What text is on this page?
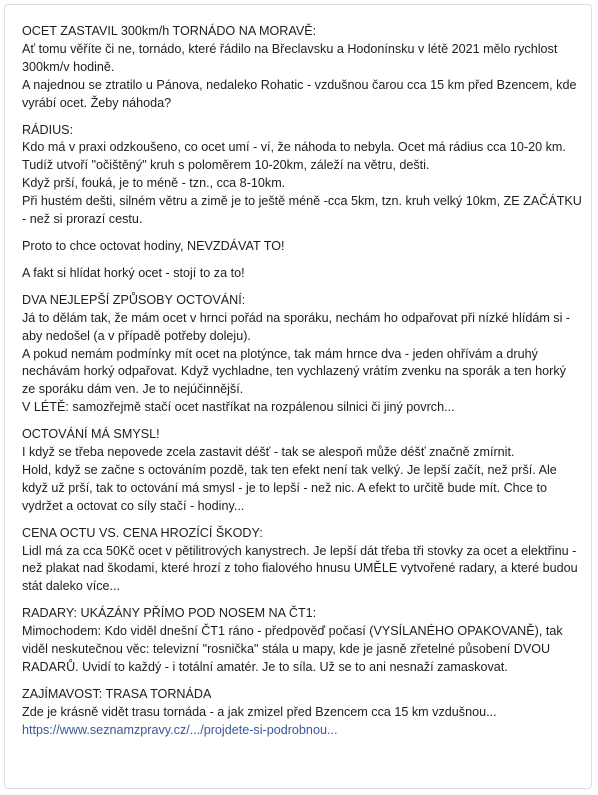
OCET ZASTAVIL 300km/h TORNÁDO NA MORAVĚ:

Ať tomu věříte či ne, tornádo, které řádilo na Břeclavsku a Hodonínsku v létě 2021 mělo rychlost 300km/v hodině.

A najednou se ztratilo u Pánova, nedaleko Rohatic - vzdušnou čarou cca 15 km před Bzencem, kde vyrábí ocet. Žeby náhoda?

RÁDIUS:

Kdo má v praxi odzkoušeno, co ocet umí - ví, že náhoda to nebyla. Ocet má rádius cca 10-20 km.

Tudíž utvoří "očištěný" kruh s poloměrem 10-20km, záleží na větru, dešti.

Když prší, fouká, je to méně - tzn., cca 8-10km.

Při hustém dešti, silném větru a zimě je to ještě méně -cca 5km, tzn. kruh velký 10km, ZE ZAČÁTKU - než si prorazí cestu.

Proto to chce octovat hodiny, NEVZDÁVAT TO!

A fakt si hlídat horký ocet - stojí to za to!

DVA NEJLEPŠÍ ZPŮSOBY OCTOVÁNÍ:

Já to dělám tak, že mám ocet v hrnci pořád na sporáku, nechám ho odpařovat při nízké hlídám si - aby nedošel (a v případě potřeby doleju).

A pokud nemám podmínky mít ocet na plotýnce, tak mám hrnce dva - jeden ohřívám a druhý nechávám horký odpařovat. Když vychladne, ten vychlazený vrátím zvenku na sporák a ten horký ze sporáku dám ven. Je to nejúčinnější.

V LÉTĚ: samozřejmě stačí ocet nastříkat na rozpálenou silnici či jiný povrch...

OCTOVÁNÍ MÁ SMYSL!

I když se třeba nepovede zcela zastavit déšť - tak se alespoň může déšť značně zmírnit.

Hold, když se začne s octováním pozdě, tak ten efekt není tak velký. Je lepší začít, než prší. Ale když už prší, tak to octování má smysl - je to lepší - než nic. A efekt to určitě bude mít. Chce to vydržet a octovat co síly stačí - hodiny...

CENA OCTU VS. CENA HROZÍCÍ ŠKODY:

Lidl má za cca 50Kč ocet v pětilitrových kanystrech. Je lepší dát třeba tři stovky za ocet a elektřinu - než plakat nad škodami, které hrozí z toho fialového hnusu UMĚLE vytvořené radary, a které budou stát daleko více...

RADARY: UKÁZÁNY PŘÍMO POD NOSEM NA ČT1:

Mimochodem: Kdo viděl dnešní ČT1 ráno - předpověď počasí (VYSÍLANÉHO OPAKOVANĚ), tak viděl neskutečnou věc: televizní "rosnička" stála u mapy, kde je jasně zřetelné působení DVOU RADARŮ. Uvidí to každý - i totální amatér. Je to síla. Už se to ani nesnaží zamaskovat.

ZAJÍMAVOST: TRASA TORNÁDA

Zde je krásně vidět trasu tornáda - a jak zmizel před Bzencem cca 15 km vzdušnou...

https://www.seznamzpravy.cz/.../projdete-si-podrobnou...
